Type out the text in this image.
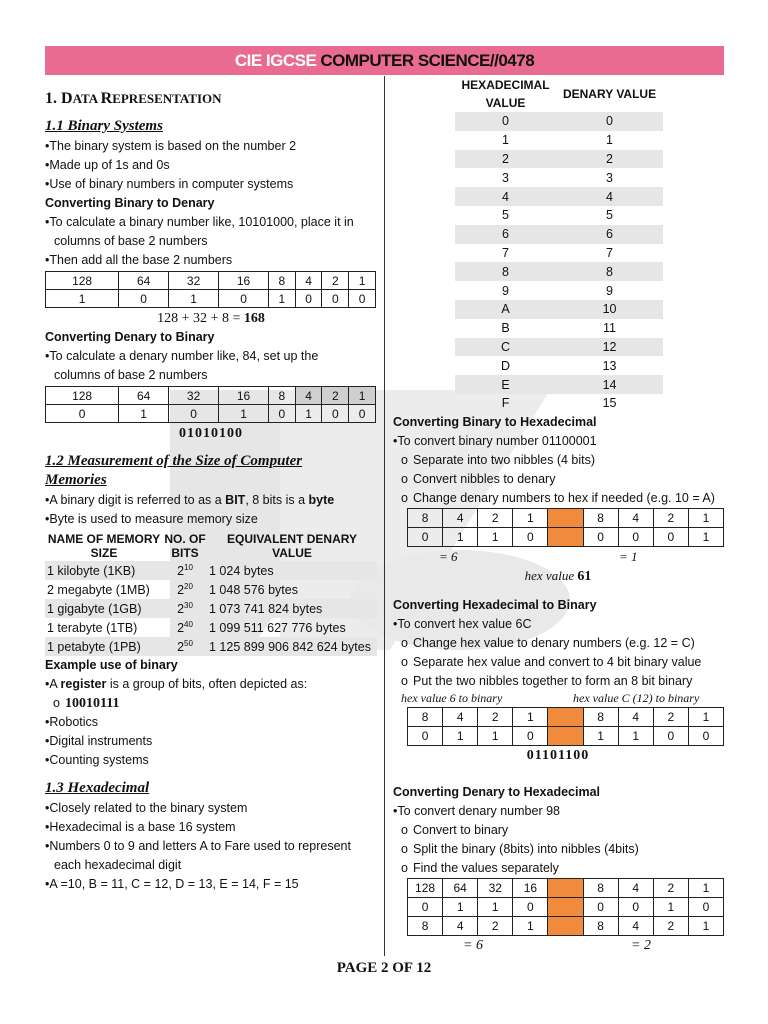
CIE IGCSE COMPUTER SCIENCE//0478
1. DATA REPRESENTATION
1.1 Binary Systems
•The binary system is based on the number 2
•Made up of 1s and 0s
•Use of binary numbers in computer systems
Converting Binary to Denary
•To calculate a binary number like, 10101000, place it in
columns of base 2 numbers
•Then add all the base 2 numbers
128	64	32	16	8	4	2	1
1	0	1	0	1	0	0	0
128 + 32 + 8 = 168
Converting Denary to Binary
•To calculate a denary number like, 84, set up the
columns of base 2 numbers
128	64	32	16	8	4	2	1
0	1	0	1	0	1	0	0
01010100
1.2 Measurement of the Size of Computer
Memories
•A binary digit is referred to as a BIT, 8 bits is a byte
•Byte is used to measure memory size
NAME OF MEMORY SIZE	NO. OF BITS	EQUIVALENT DENARY VALUE
1 kilobyte (1KB)	$2^{10}$	1 024 bytes
2 megabyte (1MB)	$2^{20}$	1 048 576 bytes
1 gigabyte (1GB)	$2^{30}$	1 073 741 824 bytes
1 terabyte (1TB)	$2^{40}$	1 099 511 627 776 bytes
1 petabyte (1PB)	$2^{50}$	1 125 899 906 842 624 bytes
Example use of binary
•A register is a group of bits, often depicted as:
o 10010111
•Robotics
•Digital instruments
•Counting systems
1.3 Hexadecimal
•Closely related to the binary system
•Hexadecimal is a base 16 system
•Numbers 0 to 9 and letters A to Fare used to represent
each hexadecimal digit
•A =10, B = 11, C = 12, D = 13, E = 14, F = 15
HEXADECIMAL
VALUE	DENARY VALUE
0	0
1	1
2	2
3	3
4	4
5	5
6	6
7	7
8	8
9	9
A	10
B	11
C	12
D	13
E	14
F	15
Converting Binary to Hexadecimal
•To convert binary number 01100001
o Separate into two nibbles (4 bits)
o Convert nibbles to denary
o Change denary numbers to hex if needed (e.g. 10 = A)
8	4	2	1		8	4	2	1
0	1	1	0		0	0	0	1
= 6	= 1
hex value 61
Converting Hexadecimal to Binary
•To convert hex value 6C
o Change hex value to denary numbers (e.g. 12 = C)
o Separate hex value and convert to 4 bit binary value
o Put the two nibbles together to form an 8 bit binary
hex value 6 to binary	hex value C (12) to binary
8	4	2	1		8	4	2	1
0	1	1	0		1	1	0	0
01101100
Converting Denary to Hexadecimal
•To convert denary number 98
o Convert to binary
o Split the binary (8bits) into nibbles (4bits)
o Find the values separately
128	64	32	16		8	4	2	1
0	1	1	0		0	0	1	0
8	4	2	1		8	4	2	1
= 6	= 2
PAGE 2 OF 12
